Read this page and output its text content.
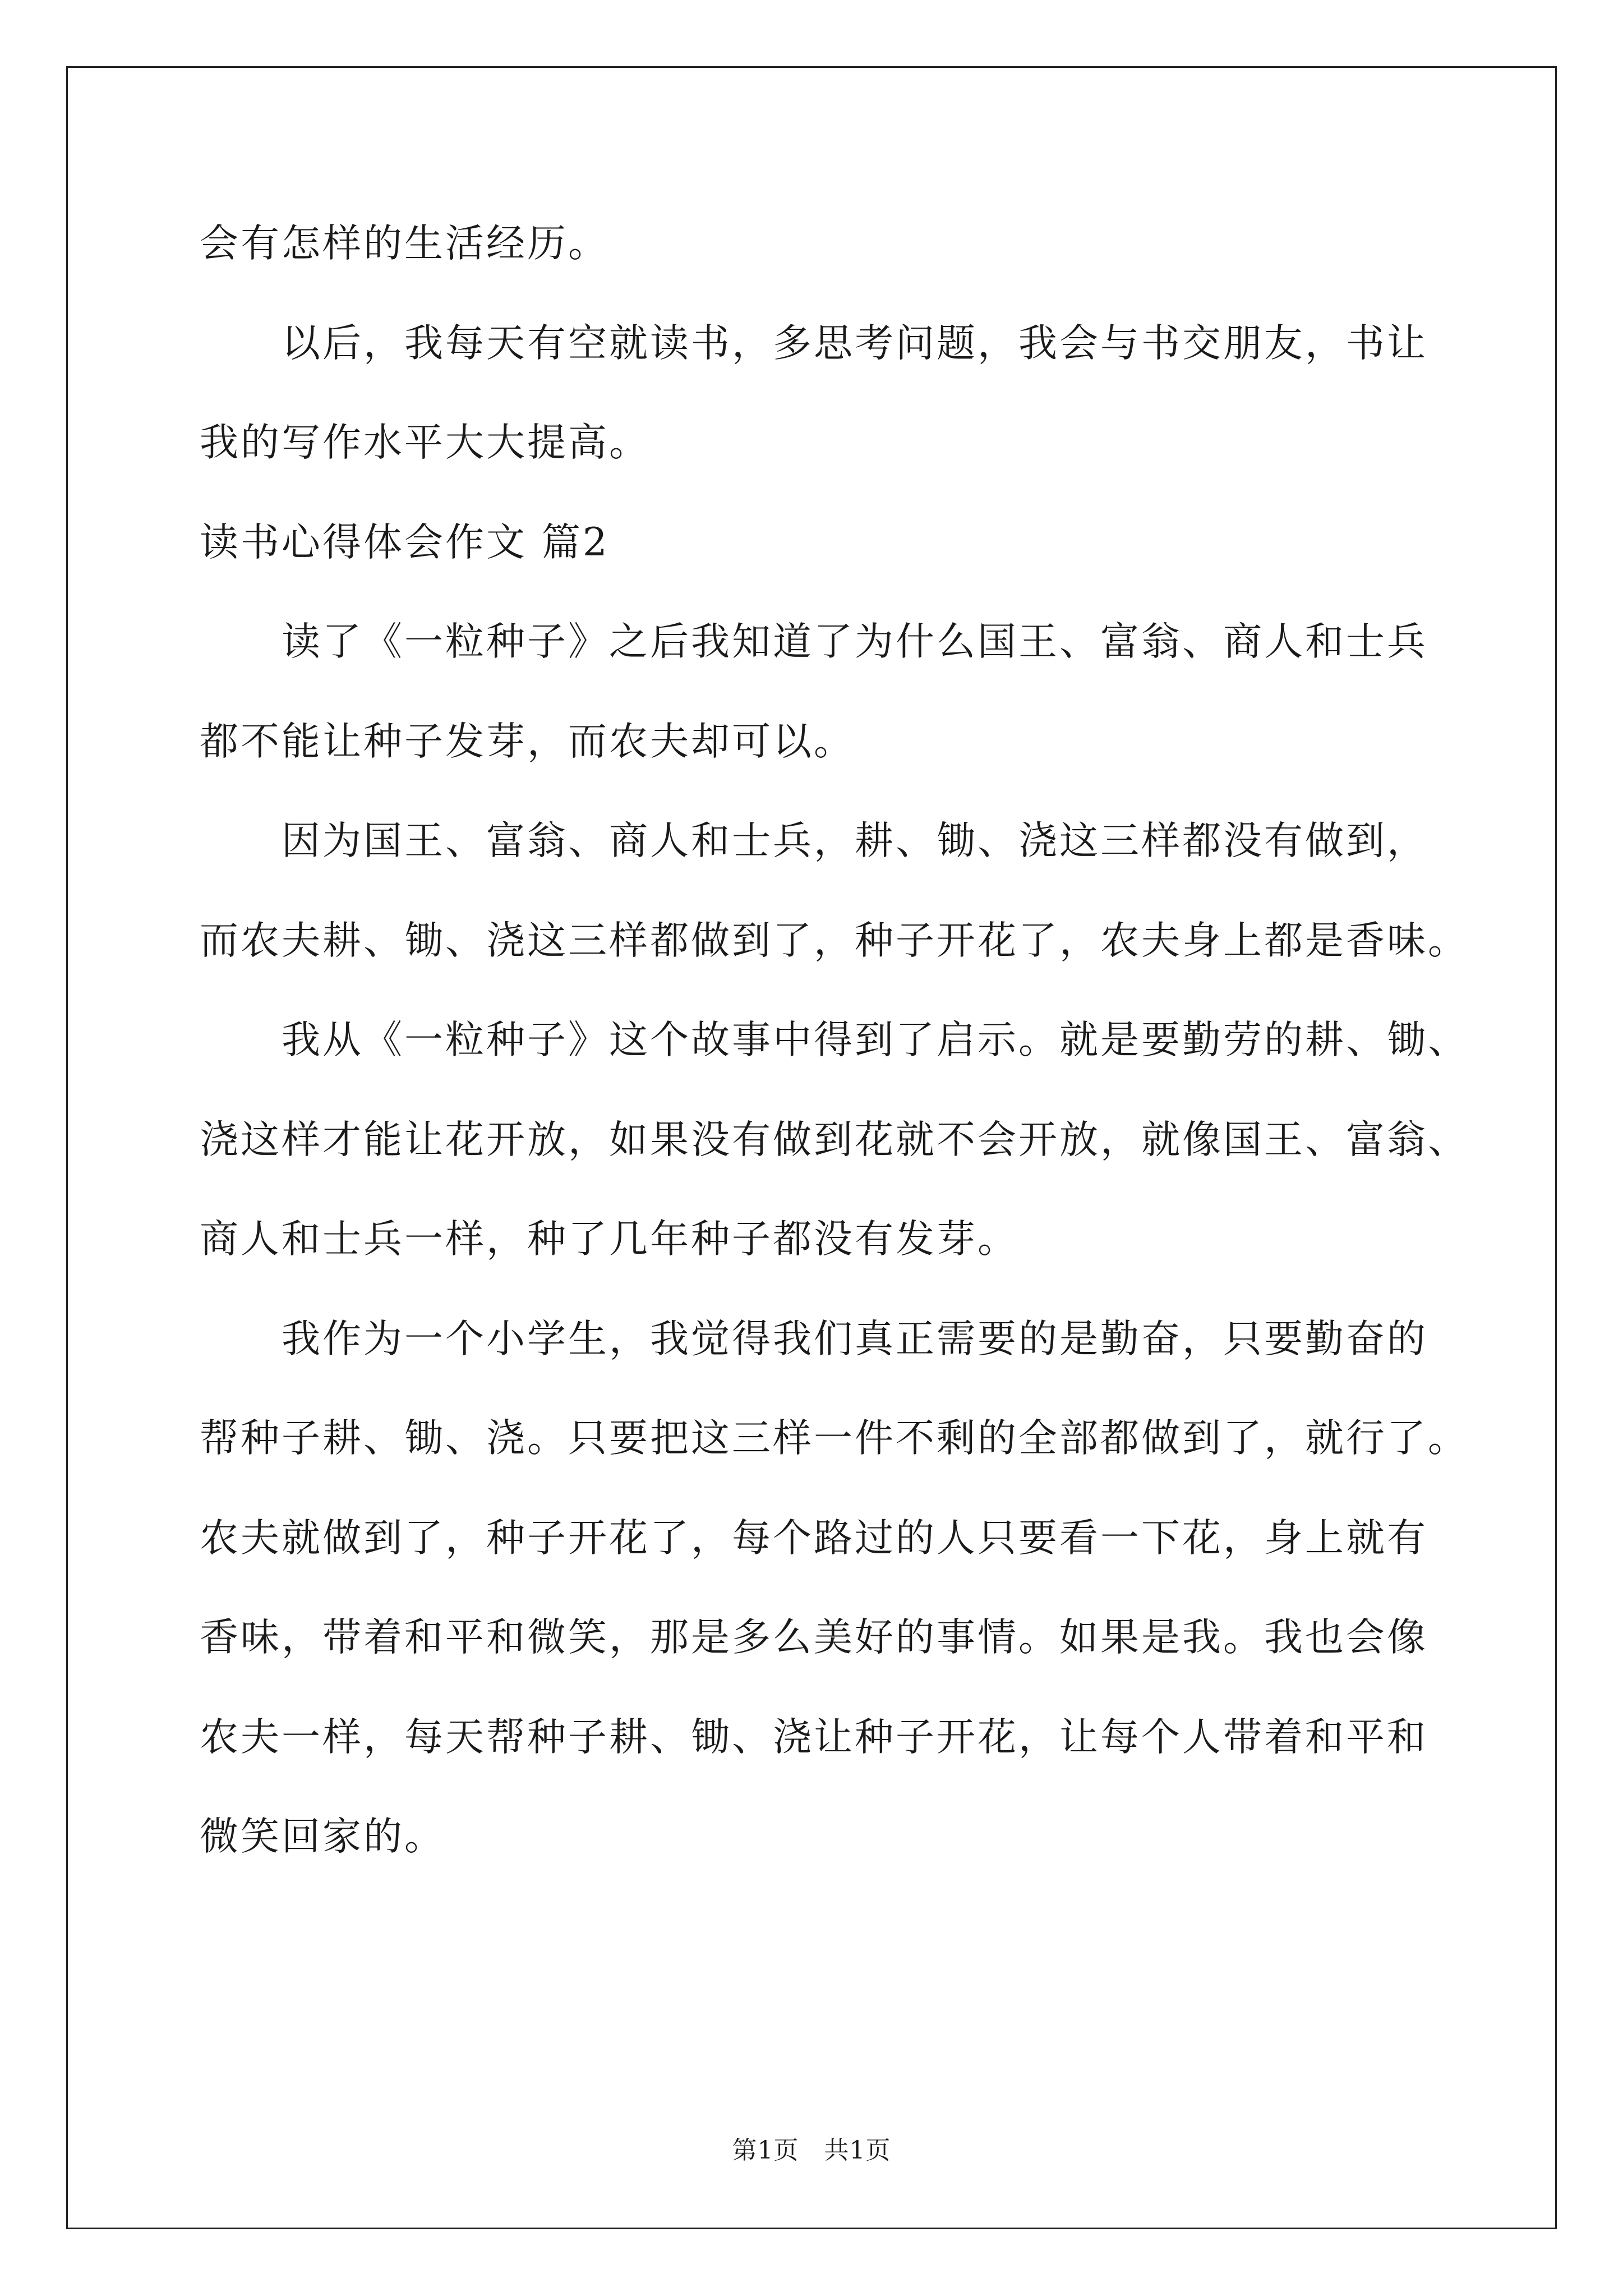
会有怎样的生活经历。
以后，我每天有空就读书，多思考问题，我会与书交朋友，书让
我的写作水平大大提高。
读书心得体会作文 篇2
读了《一粒种子》之后我知道了为什么国王、富翁、商人和士兵
都不能让种子发芽，而农夫却可以。
因为国王、富翁、商人和士兵，耕、锄、浇这三样都没有做到，
而农夫耕、锄、浇这三样都做到了，种子开花了，农夫身上都是香味。
我从《一粒种子》这个故事中得到了启示。就是要勤劳的耕、锄、
浇这样才能让花开放，如果没有做到花就不会开放，就像国王、富翁、
商人和士兵一样，种了几年种子都没有发芽。
我作为一个小学生，我觉得我们真正需要的是勤奋，只要勤奋的
帮种子耕、锄、浇。只要把这三样一件不剩的全部都做到了，就行了。
农夫就做到了，种子开花了，每个路过的人只要看一下花，身上就有
香味，带着和平和微笑，那是多么美好的事情。如果是我。我也会像
农夫一样，每天帮种子耕、锄、浇让种子开花，让每个人带着和平和
微笑回家的。
第1页　共1页
